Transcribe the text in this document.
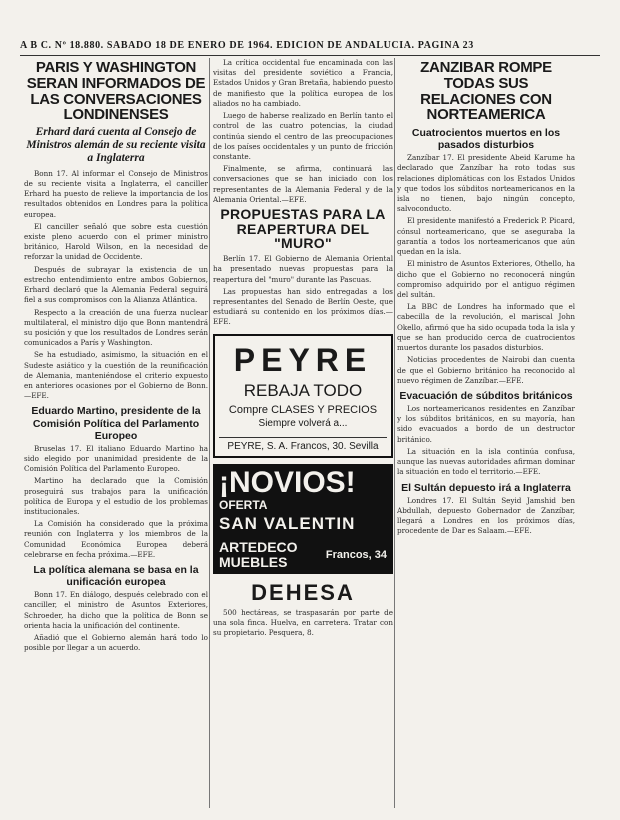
A B C. Nº 18.880. SABADO 18 DE ENERO DE 1964. EDICION DE ANDALUCIA. PAGINA 23
PARIS Y WASHINGTON SERAN INFORMADOS DE LAS CONVERSACIONES LONDINENSES
Erhard dará cuenta al Consejo de Ministros alemán de su reciente visita a Inglaterra

Bonn 17. Al informar el Consejo de Ministros de su reciente visita a Inglaterra, el canciller Erhard ha puesto de relieve la importancia de los resultados obtenidos en Londres para la política europea.

El canciller señaló que sobre esta cuestión existe pleno acuerdo con el primer ministro británico, Harold Wilson, en la necesidad de reforzar la unidad de Occidente.

Después de subrayar la existencia de un estrecho entendimiento entre ambos Gobiernos, Erhard declaró que la Alemania Federal seguirá fiel a sus compromisos con la Alianza Atlántica.

Respecto a la creación de una fuerza nuclear multilateral, el ministro dijo que Bonn mantendrá su posición y que los resultados de Londres serán comunicados a París y Washington.

Se ha estudiado, asimismo, la situación en el Sudeste asiático y la cuestión de la reunificación de Alemania, manteniéndose el criterio expuesto en anteriores ocasiones por el Gobierno de Bonn.—EFE.

Eduardo Martino, presidente de la Comisión Política del Parlamento Europeo

Bruselas 17. El italiano Eduardo Martino ha sido elegido por unanimidad presidente de la Comisión Política del Parlamento Europeo.

Martino ha declarado que la Comisión proseguirá sus trabajos para la unificación política de Europa y el estudio de los problemas institucionales.

La Comisión ha considerado que la próxima reunión con Inglaterra y los miembros de la Comunidad Económica Europea deberá celebrarse en fecha próxima.—EFE.

La política alemana se basa en la unificación europea

Bonn 17. En diálogo, después celebrado con el canciller, el ministro de Asuntos Exteriores, Schroeder, ha dicho que la política de Bonn se orienta hacia la unificación del continente.

Añadió que el Gobierno alemán hará todo lo posible por llegar a un acuerdo.

La crítica occidental fue encaminada con las visitas del presidente soviético a Francia, Estados Unidos y Gran Bretaña, habiendo puesto de manifiesto que la política europea de los aliados no ha cambiado.

Luego de haberse realizado en Berlín tanto el control de las cuatro potencias, la ciudad continúa siendo el centro de las preocupaciones de los países occidentales y un punto de fricción constante.

Finalmente, se afirma, continuará las conversaciones que se han iniciado con los representantes de la Alemania Federal y de la Alemania Oriental.—EFE.

PROPUESTAS PARA LA REAPERTURA DEL "MURO"

Berlín 17. El Gobierno de Alemania Oriental ha presentado nuevas propuestas para la reapertura del "muro" durante las Pascuas.

Las propuestas han sido entregadas a los representantes del Senado de Berlín Oeste, que estudiará su contenido en los próximos días.—EFE.

PEYRE
REBAJA TODO
Compre CLASES Y PRECIOS
Siempre volverá a...
PEYRE, S. A. Francos, 30. Sevilla
¡NOVIOS!
OFERTA
SAN VALENTIN
ARTEDECO
MUEBLES	Francos, 34
DEHESA

500 hectáreas, se traspasarán por parte de una sola finca. Huelva, en carretera. Tratar con su propietario. Pesquera, 8.

ZANZIBAR ROMPE TODAS SUS RELACIONES CON NORTEAMERICA
Cuatrocientos muertos en los pasados disturbios

Zanzíbar 17. El presidente Abeid Karume ha declarado que Zanzíbar ha roto todas sus relaciones diplomáticas con los Estados Unidos y que todos los súbditos norteamericanos en la isla no tienen, bajo ningún concepto, salvoconducto.

El presidente manifestó a Frederick P. Picard, cónsul norteamericano, que se aseguraba la garantía a todos los norteamericanos que aún quedan en la isla.

El ministro de Asuntos Exteriores, Othello, ha dicho que el Gobierno no reconocerá ningún compromiso adquirido por el antiguo régimen del sultán.

La BBC de Londres ha informado que el cabecilla de la revolución, el mariscal John Okello, afirmó que ha sido ocupada toda la isla y que se han producido cerca de cuatrocientos muertos durante los pasados disturbios.

Noticias procedentes de Nairobi dan cuenta de que el Gobierno británico ha reconocido al nuevo régimen de Zanzíbar.—EFE.

Evacuación de súbditos británicos

Los norteamericanos residentes en Zanzíbar y los súbditos británicos, en su mayoría, han sido evacuados a bordo de un destructor británico.

La situación en la isla continúa confusa, aunque las nuevas autoridades afirman dominar la situación en todo el territorio.—EFE.

El Sultán depuesto irá a Inglaterra

Londres 17. El Sultán Seyid Jamshid ben Abdullah, depuesto Gobernador de Zanzíbar, llegará a Londres en los próximos días, procedente de Dar es Salaam.—EFE.
